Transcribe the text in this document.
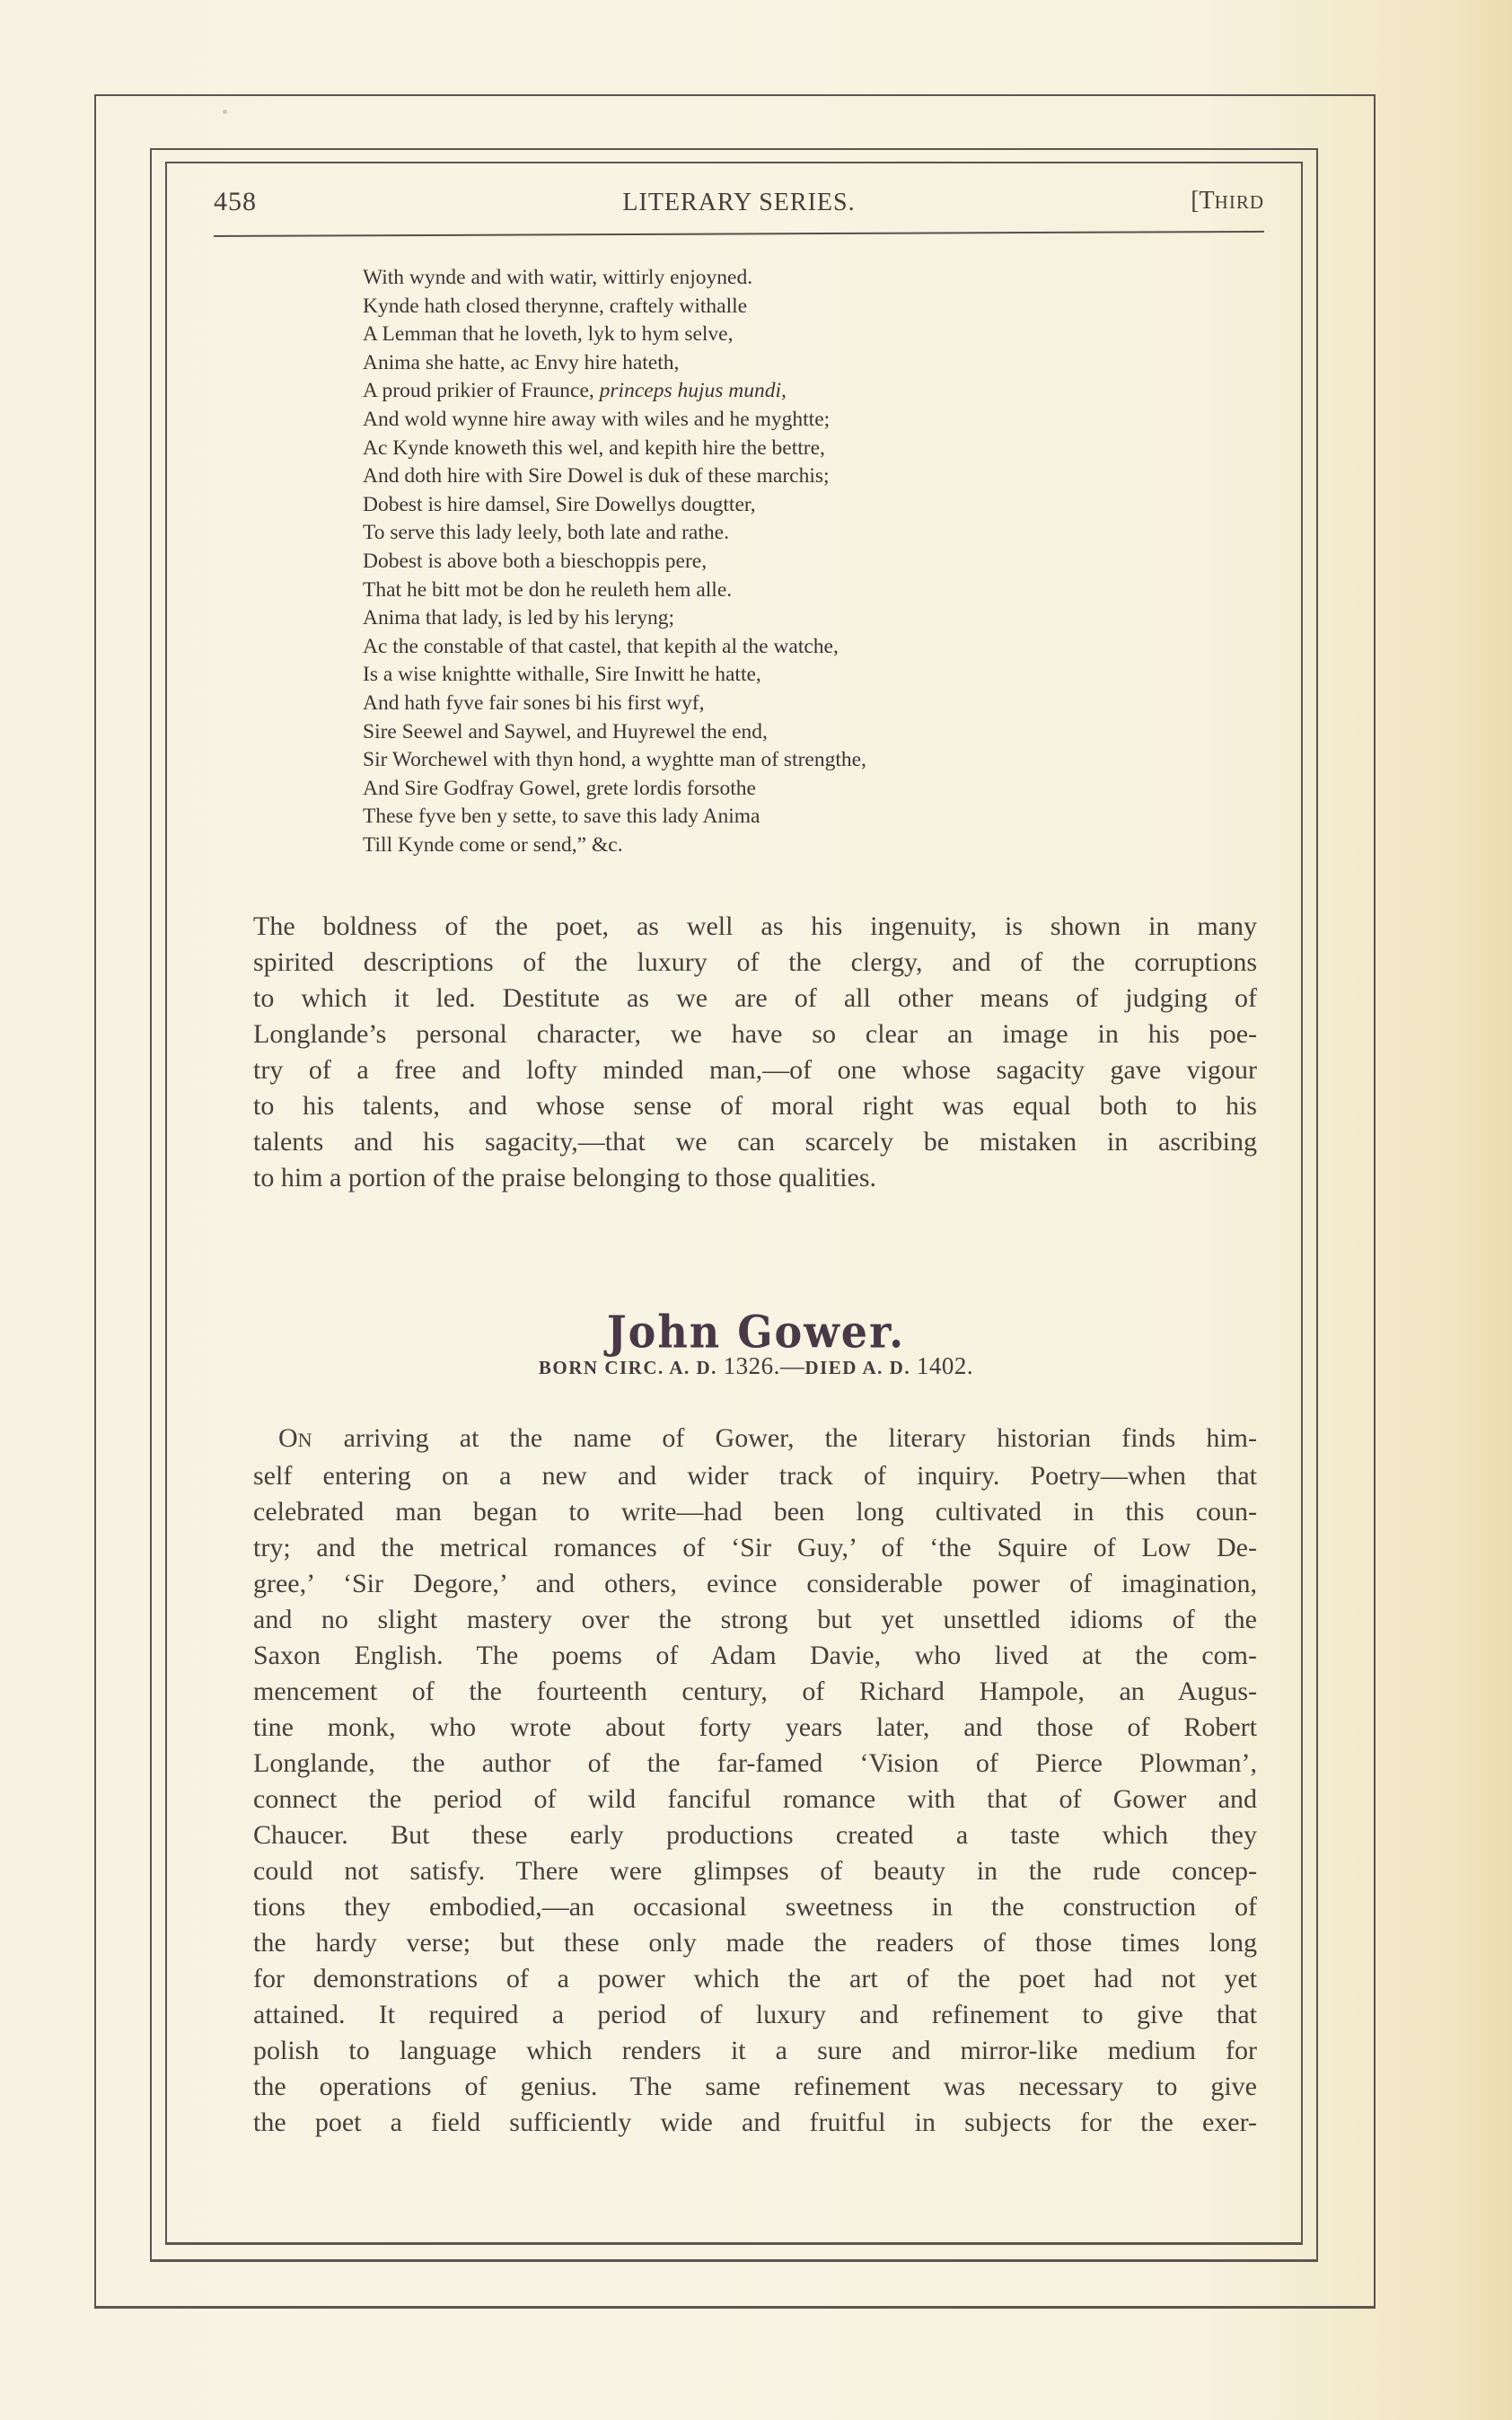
458	LITERARY SERIES.	[THIRD
With wynde and with watir, wittirly enjoyned.
Kynde hath closed therynne, craftely withalle
A Lemman that he loveth, lyk to hym selve,
Anima she hatte, ac Envy hire hateth,
A proud prikier of Fraunce, princeps hujus mundi,
And wold wynne hire away with wiles and he myghtte;
Ac Kynde knoweth this wel, and kepith hire the bettre,
And doth hire with Sire Dowel is duk of these marchis;
Dobest is hire damsel, Sire Dowellys dougtter,
To serve this lady leely, both late and rathe.
Dobest is above both a bieschoppis pere,
That he bitt mot be don he reuleth hem alle.
Anima that lady, is led by his leryng;
Ac the constable of that castel, that kepith al the watche,
Is a wise knightte withalle, Sire Inwitt he hatte,
And hath fyve fair sones bi his first wyf,
Sire Seewel and Saywel, and Huyrewel the end,
Sir Worchewel with thyn hond, a wyghtte man of strengthe,
And Sire Godfray Gowel, grete lordis forsothe
These fyve ben y sette, to save this lady Anima
Till Kynde come or send,” &c.
The boldness of the poet, as well as his ingenuity, is shown in many
spirited descriptions of the luxury of the clergy, and of the corruptions
to which it led. Destitute as we are of all other means of judging of
Longlande’s personal character, we have so clear an image in his poe-
try of a free and lofty minded man,—of one whose sagacity gave vigour
to his talents, and whose sense of moral right was equal both to his
talents and his sagacity,—that we can scarcely be mistaken in ascribing
to him a portion of the praise belonging to those qualities.
John Gower.
BORN CIRC. A. D. 1326.—DIED A. D. 1402.
ON arriving at the name of Gower, the literary historian finds him-
self entering on a new and wider track of inquiry. Poetry—when that
celebrated man began to write—had been long cultivated in this coun-
try; and the metrical romances of ‘Sir Guy,’ of ‘the Squire of Low De-
gree,’ ‘Sir Degore,’ and others, evince considerable power of imagination,
and no slight mastery over the strong but yet unsettled idioms of the
Saxon English. The poems of Adam Davie, who lived at the com-
mencement of the fourteenth century, of Richard Hampole, an Augus-
tine monk, who wrote about forty years later, and those of Robert
Longlande, the author of the far-famed ‘Vision of Pierce Plowman’,
connect the period of wild fanciful romance with that of Gower and
Chaucer. But these early productions created a taste which they
could not satisfy. There were glimpses of beauty in the rude concep-
tions they embodied,—an occasional sweetness in the construction of
the hardy verse; but these only made the readers of those times long
for demonstrations of a power which the art of the poet had not yet
attained. It required a period of luxury and refinement to give that
polish to language which renders it a sure and mirror-like medium for
the operations of genius. The same refinement was necessary to give
the poet a field sufficiently wide and fruitful in subjects for the exer-
